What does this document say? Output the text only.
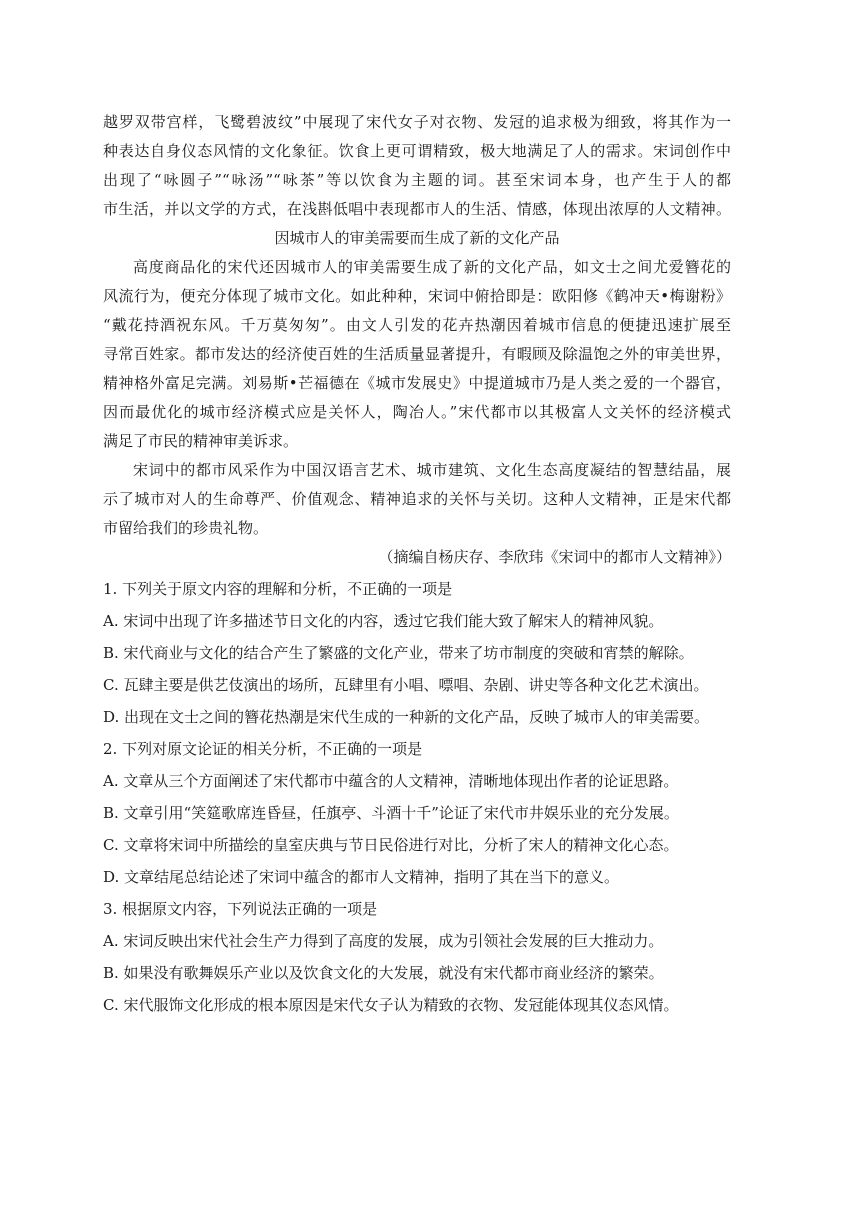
越罗双带宫样，飞鹭碧波纹”中展现了宋代女子对衣物、发冠的追求极为细致，将其作为一
种表达自身仪态风情的文化象征。饮食上更可谓精致，极大地满足了人的需求。宋词创作中
出现了“咏圆子”“咏汤”“咏茶”等以饮食为主题的词。甚至宋词本身，也产生于人的都
市生活，并以文学的方式，在浅斟低唱中表现都市人的生活、情感，体现出浓厚的人文精神。
因城市人的审美需要而生成了新的文化产品
高度商品化的宋代还因城市人的审美需要生成了新的文化产品，如文士之间尤爱簪花的
风流行为，便充分体现了城市文化。如此种种，宋词中俯拾即是：欧阳修《鹤冲天•梅谢粉》
“戴花持酒祝东风。千万莫匆匆”。由文人引发的花卉热潮因着城市信息的便捷迅速扩展至
寻常百姓家。都市发达的经济使百姓的生活质量显著提升，有暇顾及除温饱之外的审美世界，
精神格外富足完满。刘易斯•芒福德在《城市发展史》中提道城市乃是人类之爱的一个器官，
因而最优化的城市经济模式应是关怀人，陶冶人。”宋代都市以其极富人文关怀的经济模式
满足了市民的精神审美诉求。
宋词中的都市风采作为中国汉语言艺术、城市建筑、文化生态高度凝结的智慧结晶，展
示了城市对人的生命尊严、价值观念、精神追求的关怀与关切。这种人文精神，正是宋代都
市留给我们的珍贵礼物。
（摘编自杨庆存、李欣玮《宋词中的都市人文精神》）
1. 下列关于原文内容的理解和分析，不正确的一项是
A. 宋词中出现了许多描述节日文化的内容，透过它我们能大致了解宋人的精神风貌。
B. 宋代商业与文化的结合产生了繁盛的文化产业，带来了坊市制度的突破和宵禁的解除。
C. 瓦肆主要是供艺伎演出的场所，瓦肆里有小唱、嘌唱、杂剧、讲史等各种文化艺术演出。
D. 出现在文士之间的簪花热潮是宋代生成的一种新的文化产品，反映了城市人的审美需要。
2. 下列对原文论证的相关分析，不正确的一项是
A. 文章从三个方面阐述了宋代都市中蕴含的人文精神，清晰地体现出作者的论证思路。
B. 文章引用“笑筵歌席连昏昼，任旗亭、斗酒十千”论证了宋代市井娱乐业的充分发展。
C. 文章将宋词中所描绘的皇室庆典与节日民俗进行对比，分析了宋人的精神文化心态。
D. 文章结尾总结论述了宋词中蕴含的都市人文精神，指明了其在当下的意义。
3. 根据原文内容，下列说法正确的一项是
A. 宋词反映出宋代社会生产力得到了高度的发展，成为引领社会发展的巨大推动力。
B. 如果没有歌舞娱乐产业以及饮食文化的大发展，就没有宋代都市商业经济的繁荣。
C. 宋代服饰文化形成的根本原因是宋代女子认为精致的衣物、发冠能体现其仪态风情。
